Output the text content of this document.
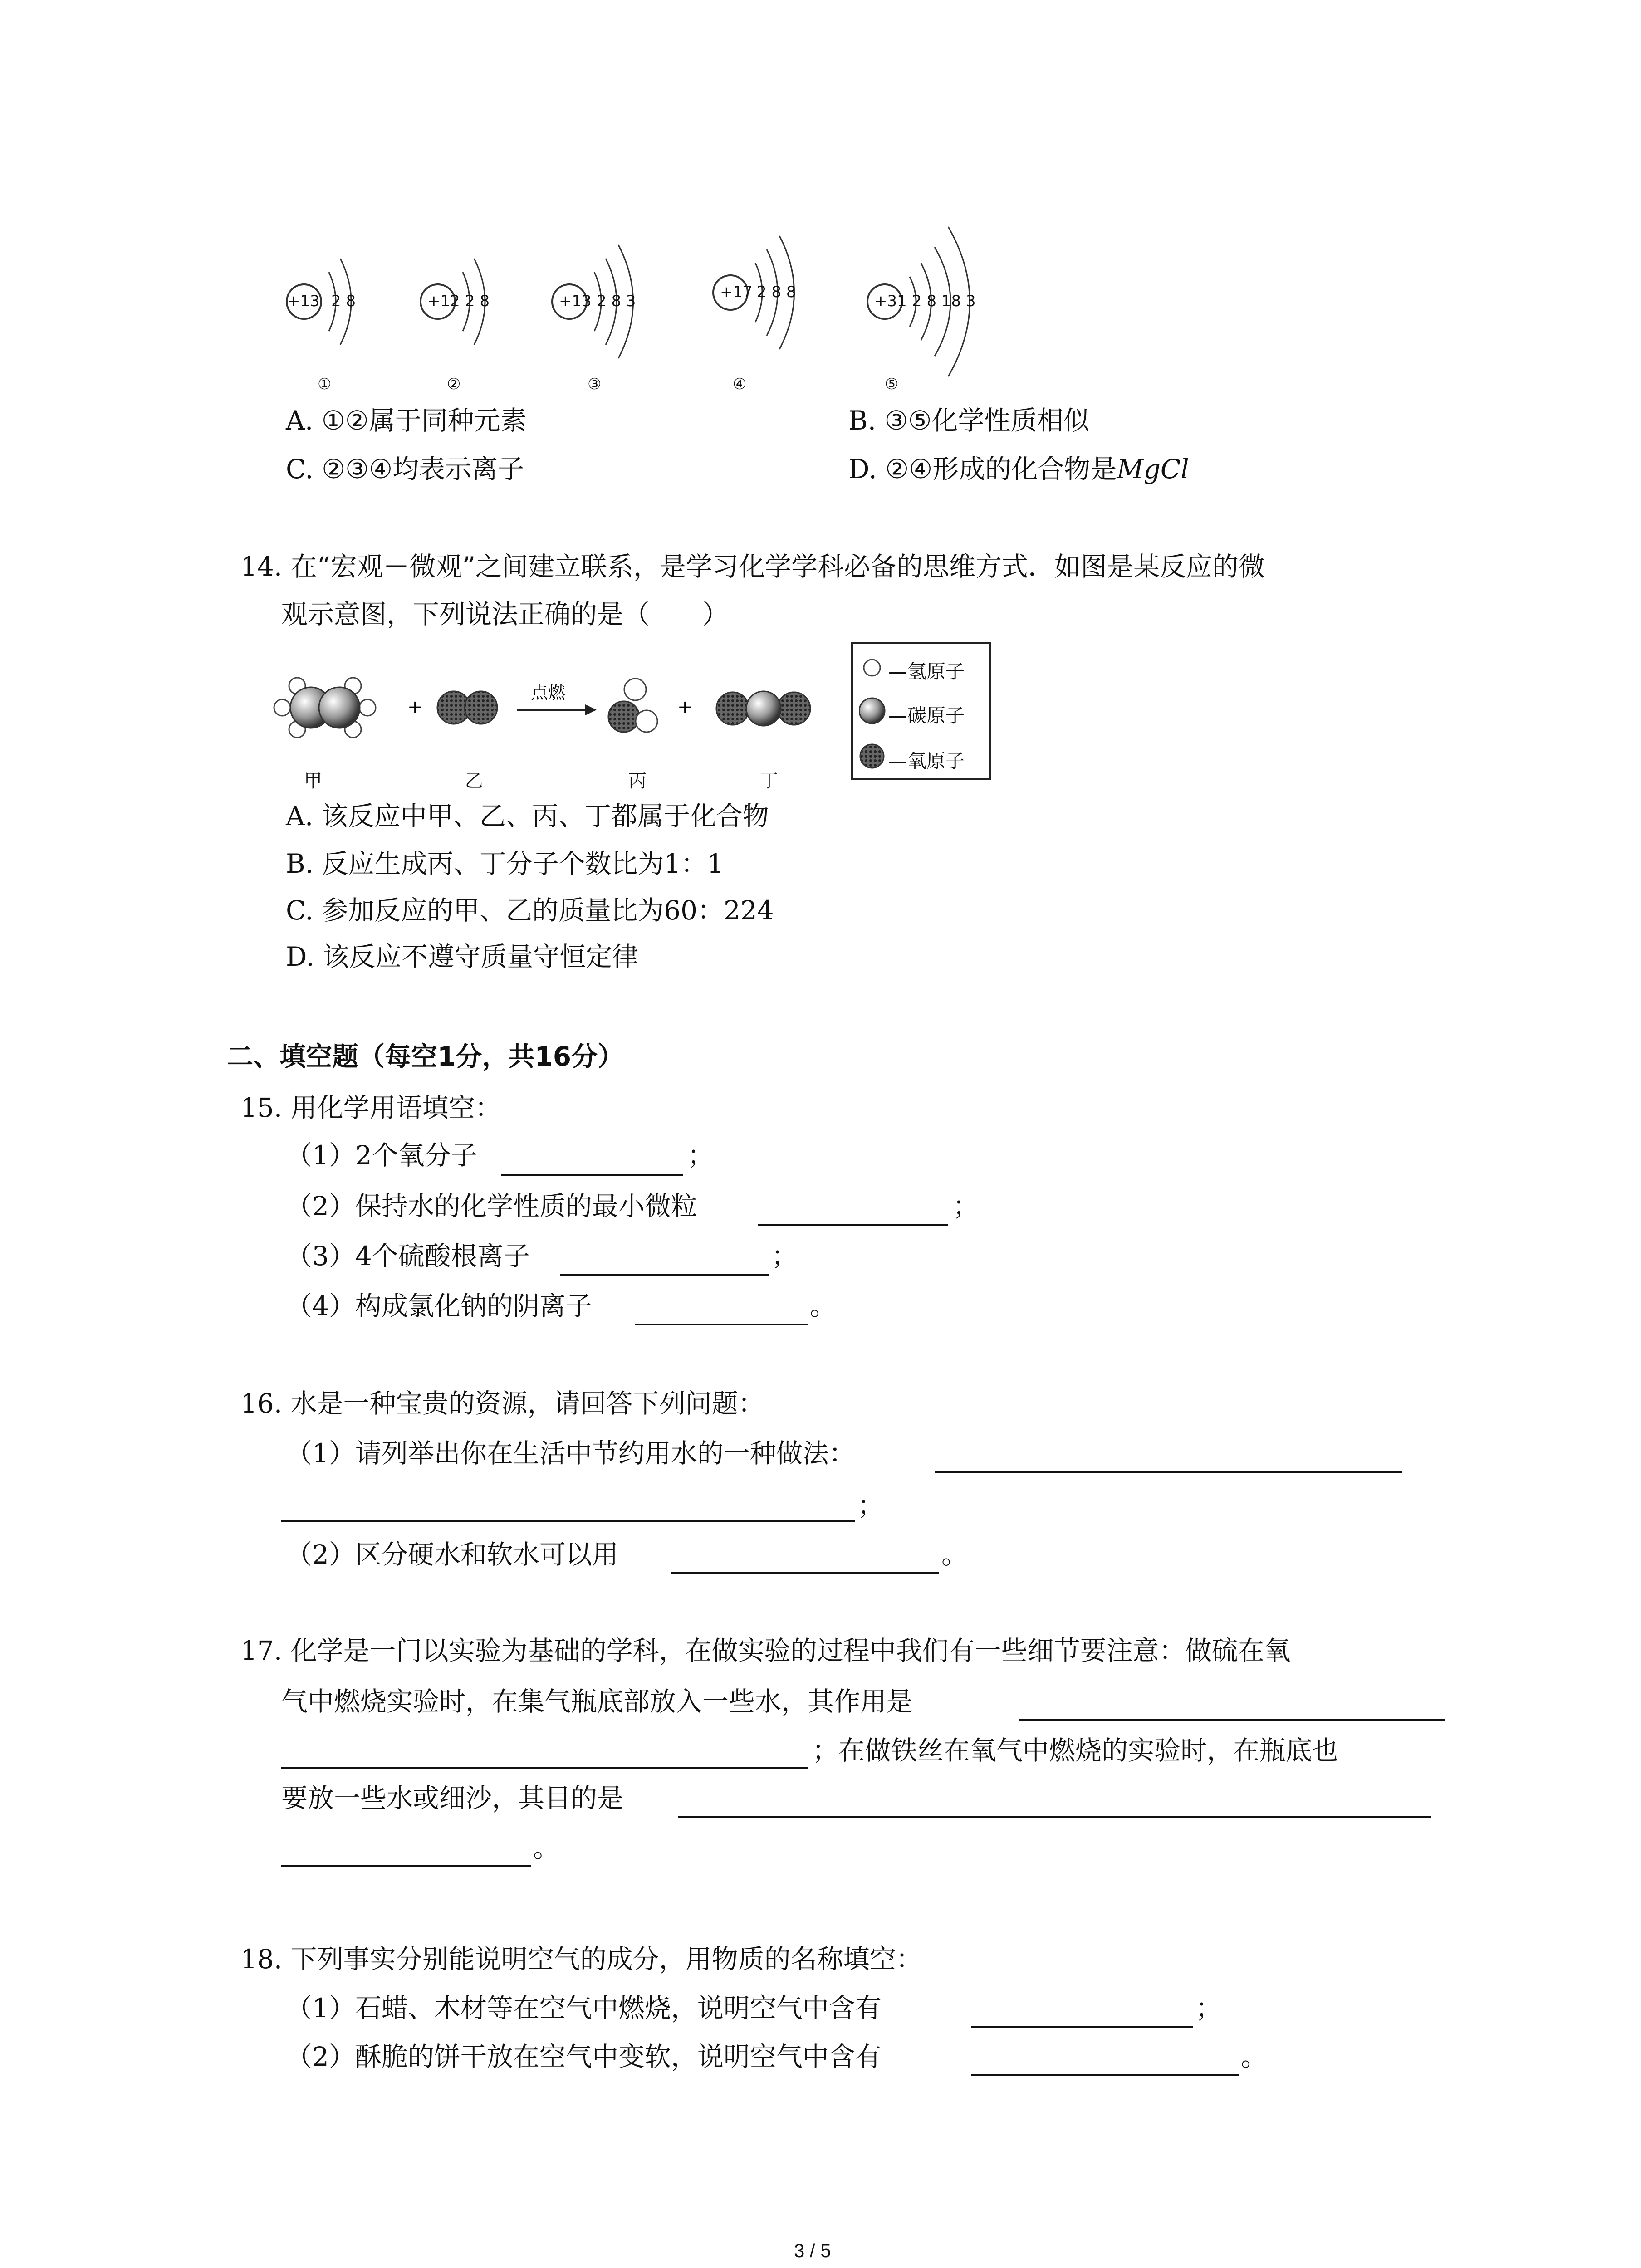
+13 2 8	+12 2 8	+13 2 8 3	+17 2 8 8	+31 2 8 18 3
①	②	③	④	⑤
A. ①②属于同种元素	B. ③⑤化学性质相似
C. ②③④均表示离子	D. ②④形成的化合物是MgCl
14. 在“宏观－微观”之间建立联系，是学习化学学科必备的思维方式．如图是某反应的微
观示意图，下列说法正确的是（　　）
+
点燃
+
甲	乙	丙	丁
—氢原子
—碳原子
—氧原子
A. 该反应中甲、乙、丙、丁都属于化合物
B. 反应生成丙、丁分子个数比为1：1
C. 参加反应的甲、乙的质量比为60：224
D. 该反应不遵守质量守恒定律
二、填空题（每空1分，共16分）
15. 用化学用语填空：
（1）2个氧分子	；
（2）保持水的化学性质的最小微粒	；
（3）4个硫酸根离子	；
（4）构成氯化钠的阴离子	。
16. 水是一种宝贵的资源，请回答下列问题：
（1）请列举出你在生活中节约用水的一种做法：
；
（2）区分硬水和软水可以用	。
17. 化学是一门以实验为基础的学科，在做实验的过程中我们有一些细节要注意：做硫在氧
气中燃烧实验时，在集气瓶底部放入一些水，其作用是
；在做铁丝在氧气中燃烧的实验时，在瓶底也
要放一些水或细沙，其目的是
。
18. 下列事实分别能说明空气的成分，用物质的名称填空：
（1）石蜡、木材等在空气中燃烧，说明空气中含有	；
（2）酥脆的饼干放在空气中变软，说明空气中含有	。
3 / 5
